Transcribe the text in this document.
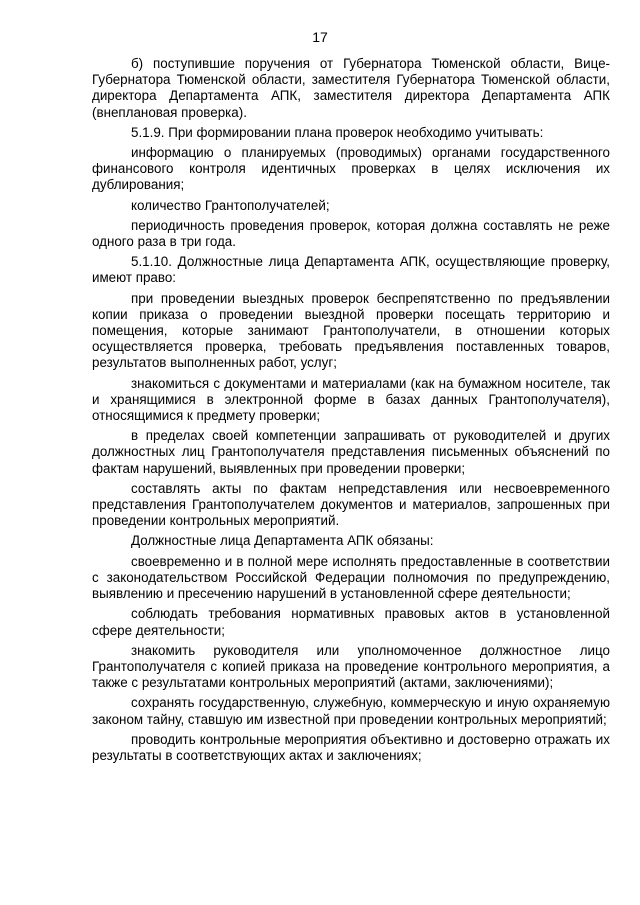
17

б) поступившие поручения от Губернатора Тюменской области, Вице-Губернатора Тюменской области, заместителя Губернатора Тюменской области, директора Департамента АПК, заместителя директора Департамента АПК (внеплановая проверка).

5.1.9. При формировании плана проверок необходимо учитывать:

информацию о планируемых (проводимых) органами государственного финансового контроля идентичных проверках в целях исключения их дублирования;

количество Грантополучателей;

периодичность проведения проверок, которая должна составлять не реже одного раза в три года.

5.1.10. Должностные лица Департамента АПК, осуществляющие проверку, имеют право:

при проведении выездных проверок беспрепятственно по предъявлении копии приказа о проведении выездной проверки посещать территорию и помещения, которые занимают Грантополучатели, в отношении которых осуществляется проверка, требовать предъявления поставленных товаров, результатов выполненных работ, услуг;

знакомиться с документами и материалами (как на бумажном носителе, так и хранящимися в электронной форме в базах данных Грантополучателя), относящимися к предмету проверки;

в пределах своей компетенции запрашивать от руководителей и других должностных лиц Грантополучателя представления письменных объяснений по фактам нарушений, выявленных при проведении проверки;

составлять акты по фактам непредставления или несвоевременного представления Грантополучателем документов и материалов, запрошенных при проведении контрольных мероприятий.

Должностные лица Департамента АПК обязаны:

своевременно и в полной мере исполнять предоставленные в соответствии с законодательством Российской Федерации полномочия по предупреждению, выявлению и пресечению нарушений в установленной сфере деятельности;

соблюдать требования нормативных правовых актов в установленной сфере деятельности;

знакомить руководителя или уполномоченное должностное лицо Грантополучателя с копией приказа на проведение контрольного мероприятия, а также с результатами контрольных мероприятий (актами, заключениями);

сохранять государственную, служебную, коммерческую и иную охраняемую законом тайну, ставшую им известной при проведении контрольных мероприятий;

проводить контрольные мероприятия объективно и достоверно отражать их результаты в соответствующих актах и заключениях;
